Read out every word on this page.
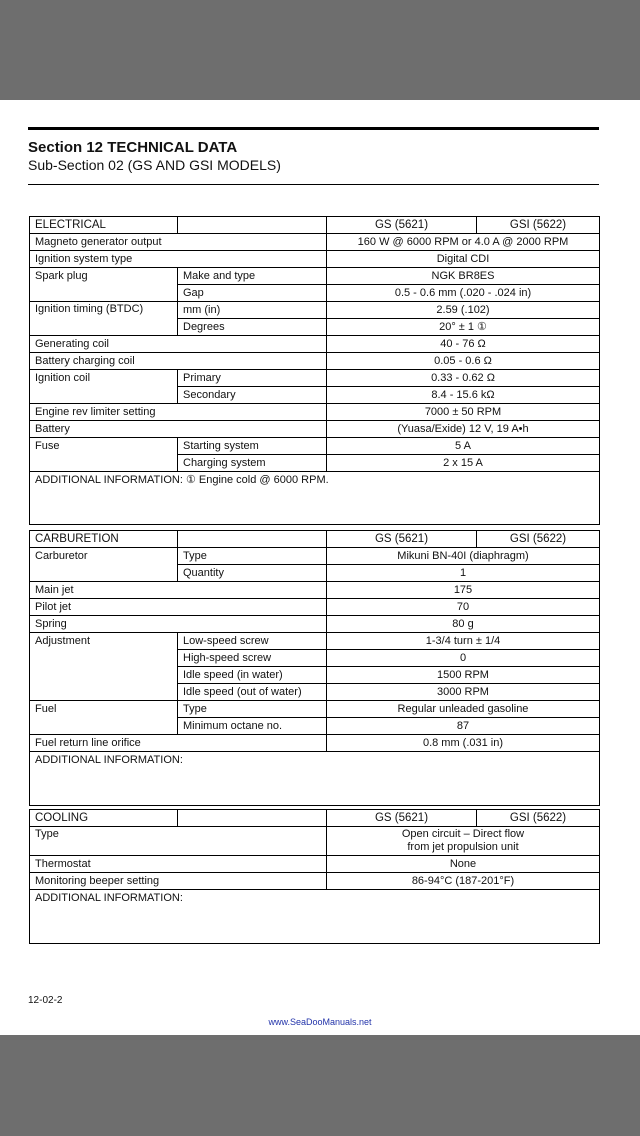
Section 12 TECHNICAL DATA
Sub-Section 02 (GS AND GSI MODELS)
ELECTRICAL		GS (5621)	GSI (5622)
Magneto generator output		160 W @ 6000 RPM or 4.0 A @ 2000 RPM	
Ignition system type		Digital CDI	
Spark plug	Make and type	NGK BR8ES	
	Gap	0.5 - 0.6 mm (.020 - .024 in)	
Ignition timing (BTDC)	mm (in)	2.59 (.102)	
	Degrees	20° ± 1 ①	
Generating coil		40 - 76 Ω	
Battery charging coil		0.05 - 0.6 Ω	
Ignition coil	Primary	0.33 - 0.62 Ω	
	Secondary	8.4 - 15.6 kΩ	
Engine rev limiter setting		7000 ± 50 RPM	
Battery		(Yuasa/Exide) 12 V, 19 A•h	
Fuse	Starting system	5 A	
	Charging system	2 x 15 A	
ADDITIONAL INFORMATION: ① Engine cold @ 6000 RPM.			
CARBURETION		GS (5621)	GSI (5622)
Carburetor	Type	Mikuni BN-40I (diaphragm)	
	Quantity	1	
Main jet		175	
Pilot jet		70	
Spring		80 g	
Adjustment	Low-speed screw	1-3/4 turn ± 1/4	
	High-speed screw	0	
	Idle speed (in water)	1500 RPM	
	Idle speed (out of water)	3000 RPM	
Fuel	Type	Regular unleaded gasoline	
	Minimum octane no.	87	
Fuel return line orifice		0.8 mm (.031 in)	
ADDITIONAL INFORMATION:			
COOLING		GS (5621)	GSI (5622)
Type		Open circuit – Direct flow
from jet propulsion unit	

Thermostat		None	
Monitoring beeper setting		86-94°C (187-201°F)	
ADDITIONAL INFORMATION:			
12-02-2
www.SeaDooManuals.net
